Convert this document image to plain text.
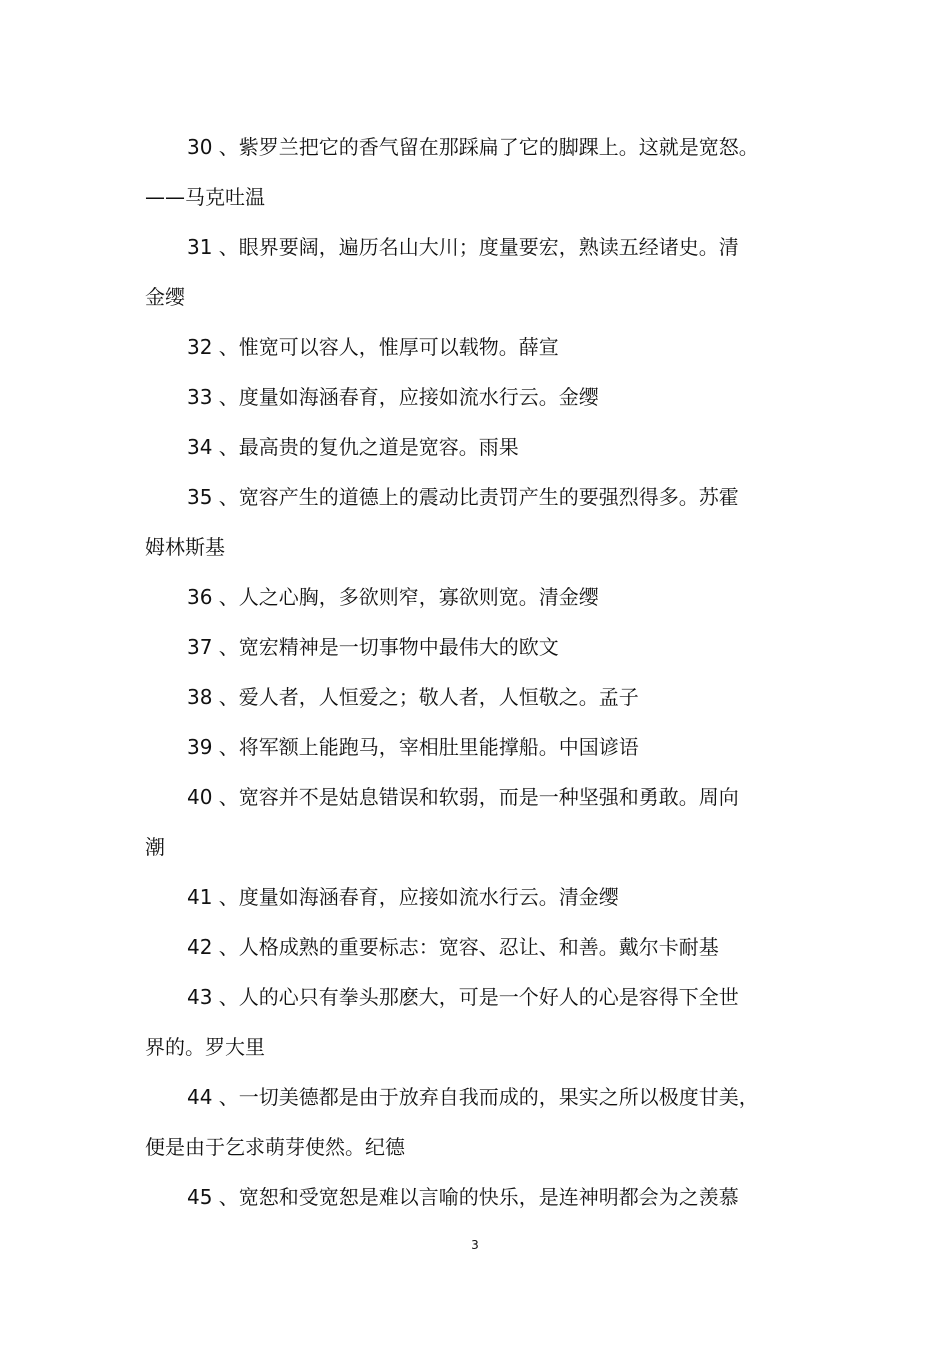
30 、紫罗兰把它的香气留在那踩扁了它的脚踝上。这就是宽怒。
——马克吐温

31 、眼界要阔，遍历名山大川；度量要宏，熟读五经诸史。清
金缨

32 、惟宽可以容人，惟厚可以载物。薛宣

33 、度量如海涵春育，应接如流水行云。金缨

34 、最高贵的复仇之道是宽容。雨果

35 、宽容产生的道德上的震动比责罚产生的要强烈得多。苏霍
姆林斯基

36 、人之心胸，多欲则窄，寡欲则宽。清金缨

37 、宽宏精神是一切事物中最伟大的欧文

38 、爱人者，人恒爱之；敬人者，人恒敬之。孟子

39 、将军额上能跑马，宰相肚里能撑船。中国谚语

40 、宽容并不是姑息错误和软弱，而是一种坚强和勇敢。周向
潮

41 、度量如海涵春育，应接如流水行云。清金缨

42 、人格成熟的重要标志：宽容、忍让、和善。戴尔卡耐基

43 、人的心只有拳头那麽大，可是一个好人的心是容得下全世
界的。罗大里

44 、一切美德都是由于放弃自我而成的，果实之所以极度甘美，
便是由于乞求萌芽使然。纪德

45 、宽恕和受宽恕是难以言喻的快乐，是连神明都会为之羡慕

3
